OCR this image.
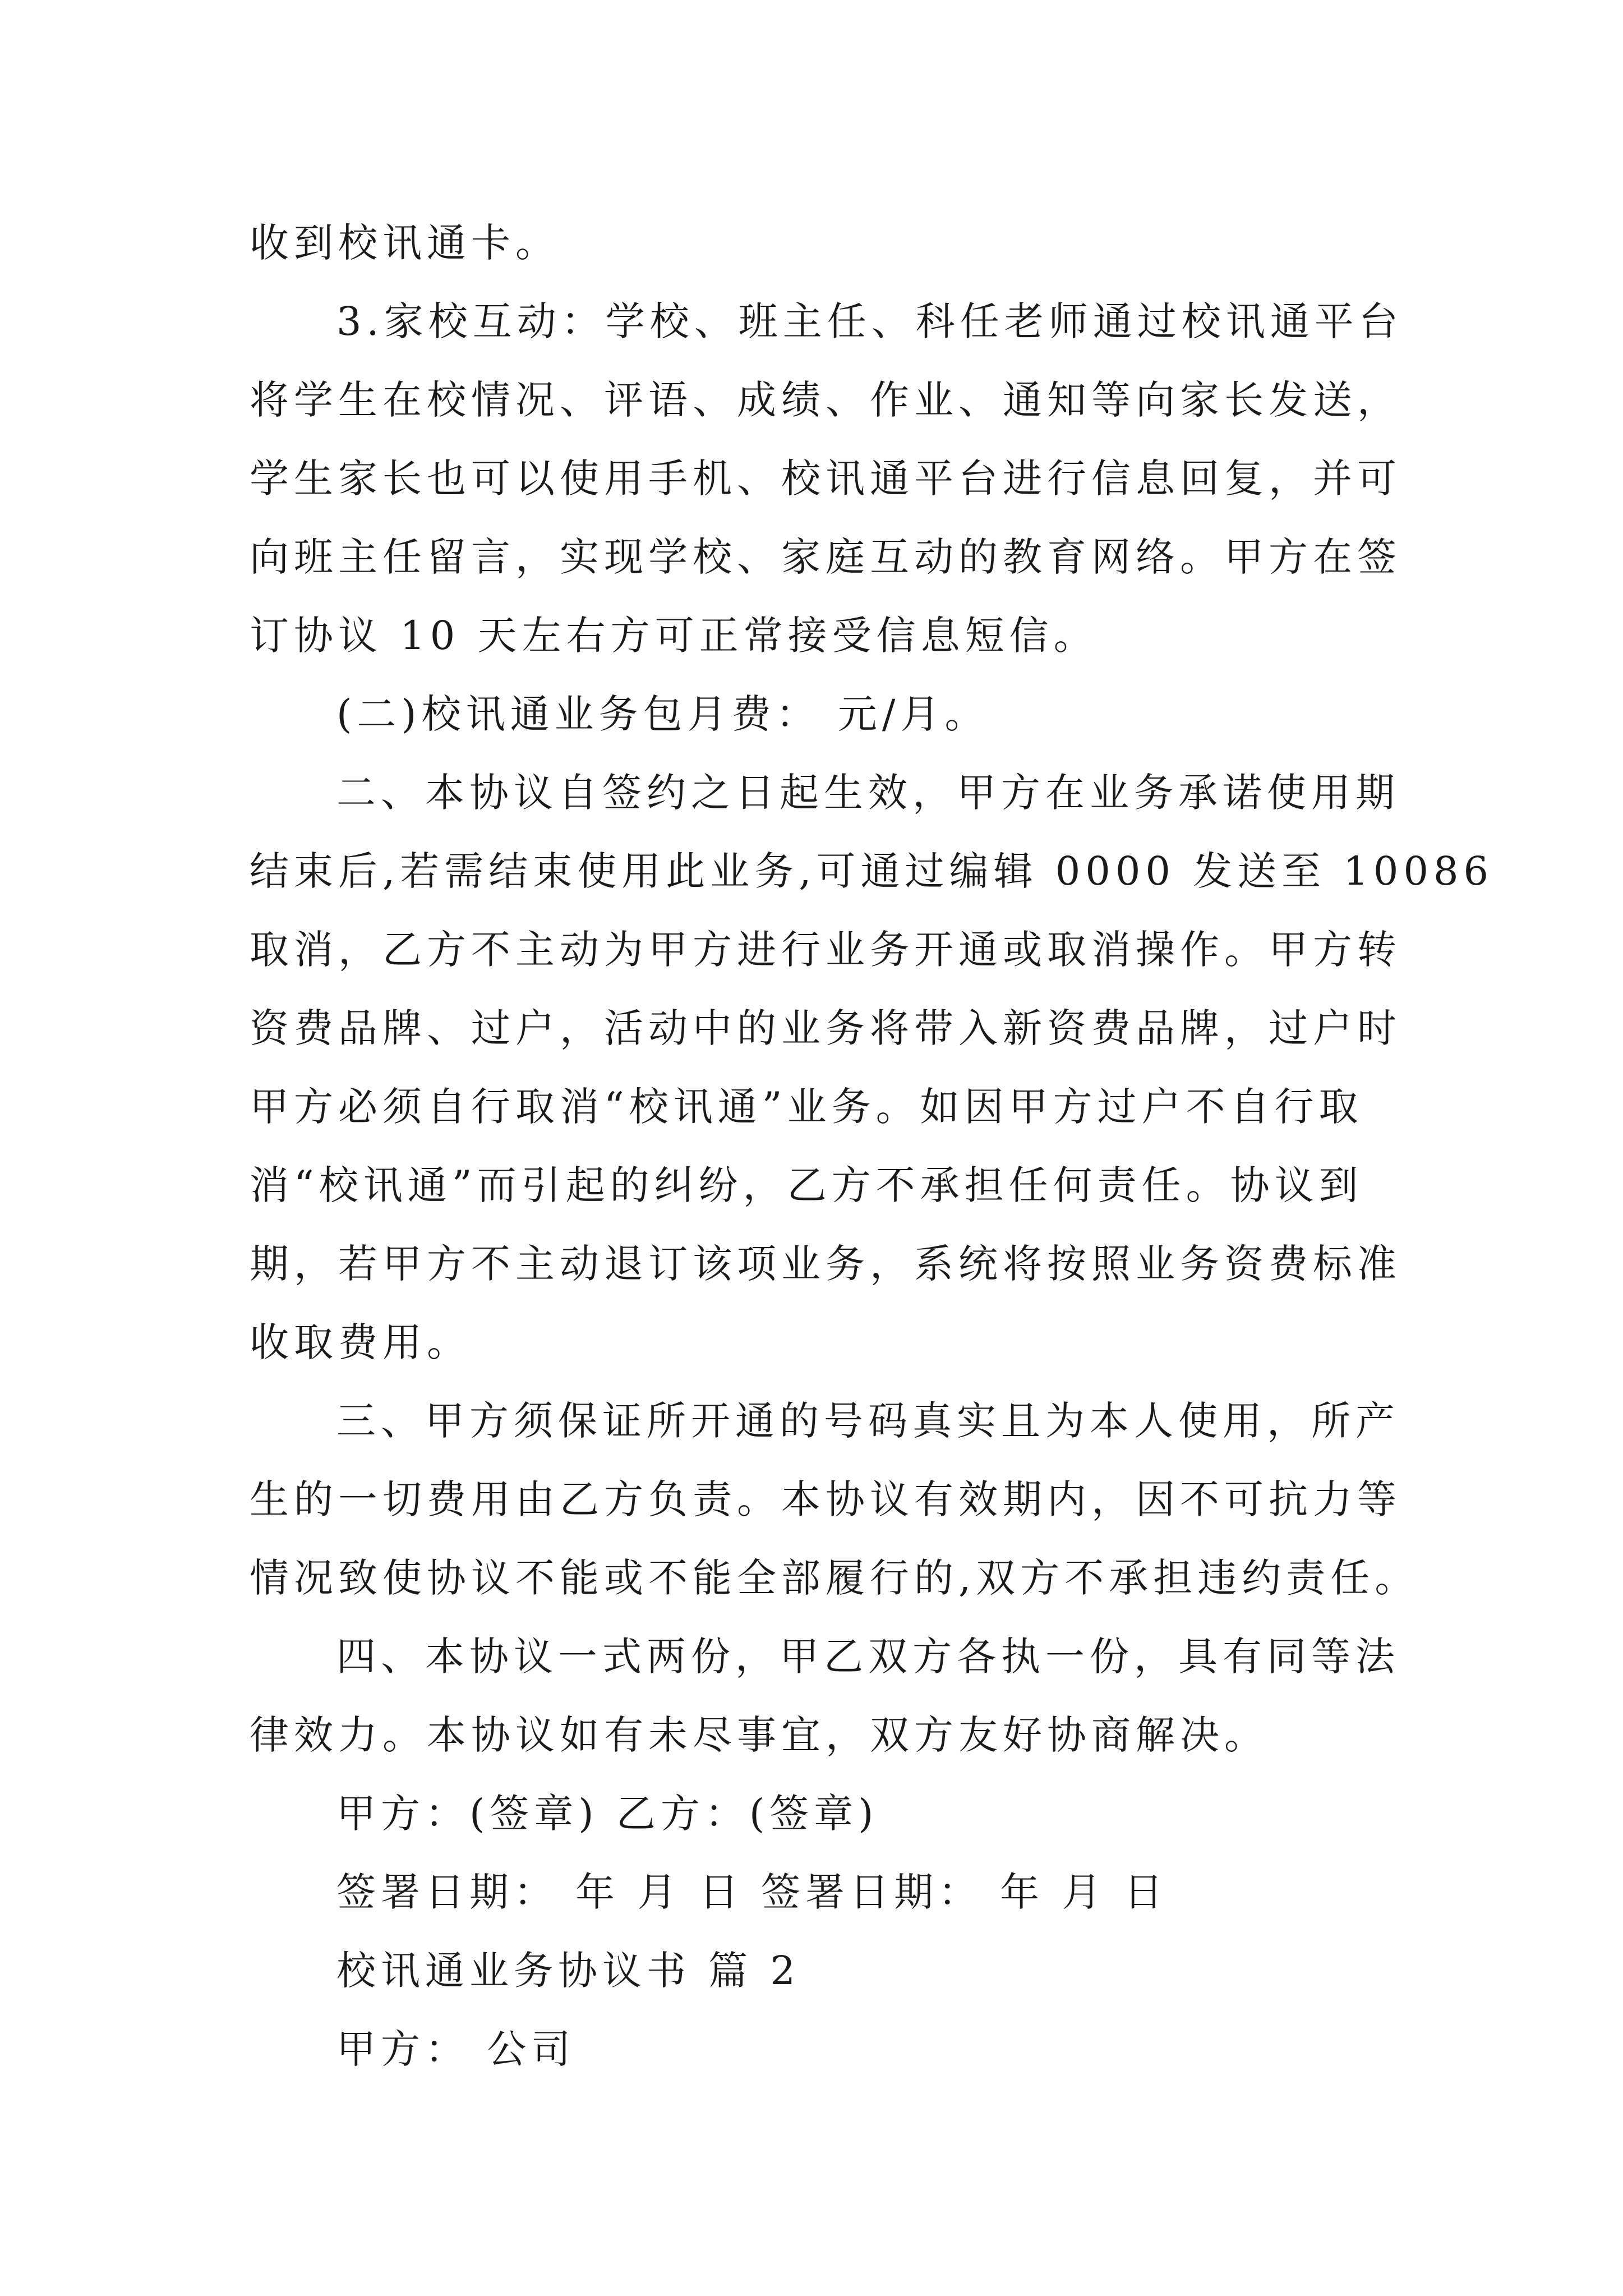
收到校讯通卡。
3.家校互动：学校、班主任、科任老师通过校讯通平台
将学生在校情况、评语、成绩、作业、通知等向家长发送，
学生家长也可以使用手机、校讯通平台进行信息回复，并可
向班主任留言，实现学校、家庭互动的教育网络。甲方在签
订协议 10 天左右方可正常接受信息短信。
(二)校讯通业务包月费： 元/月。
二、本协议自签约之日起生效，甲方在业务承诺使用期
结束后,若需结束使用此业务,可通过编辑 0000 发送至 10086
取消，乙方不主动为甲方进行业务开通或取消操作。甲方转
资费品牌、过户，活动中的业务将带入新资费品牌，过户时
甲方必须自行取消“校讯通”业务。如因甲方过户不自行取
消“校讯通”而引起的纠纷，乙方不承担任何责任。协议到
期，若甲方不主动退订该项业务，系统将按照业务资费标准
收取费用。
三、甲方须保证所开通的号码真实且为本人使用，所产
生的一切费用由乙方负责。本协议有效期内，因不可抗力等
情况致使协议不能或不能全部履行的,双方不承担违约责任。
四、本协议一式两份，甲乙双方各执一份，具有同等法
律效力。本协议如有未尽事宜，双方友好协商解决。
甲方：(签章) 乙方：(签章)
签署日期： 年 月 日 签署日期： 年 月 日
校讯通业务协议书 篇 2
甲方： 公司
